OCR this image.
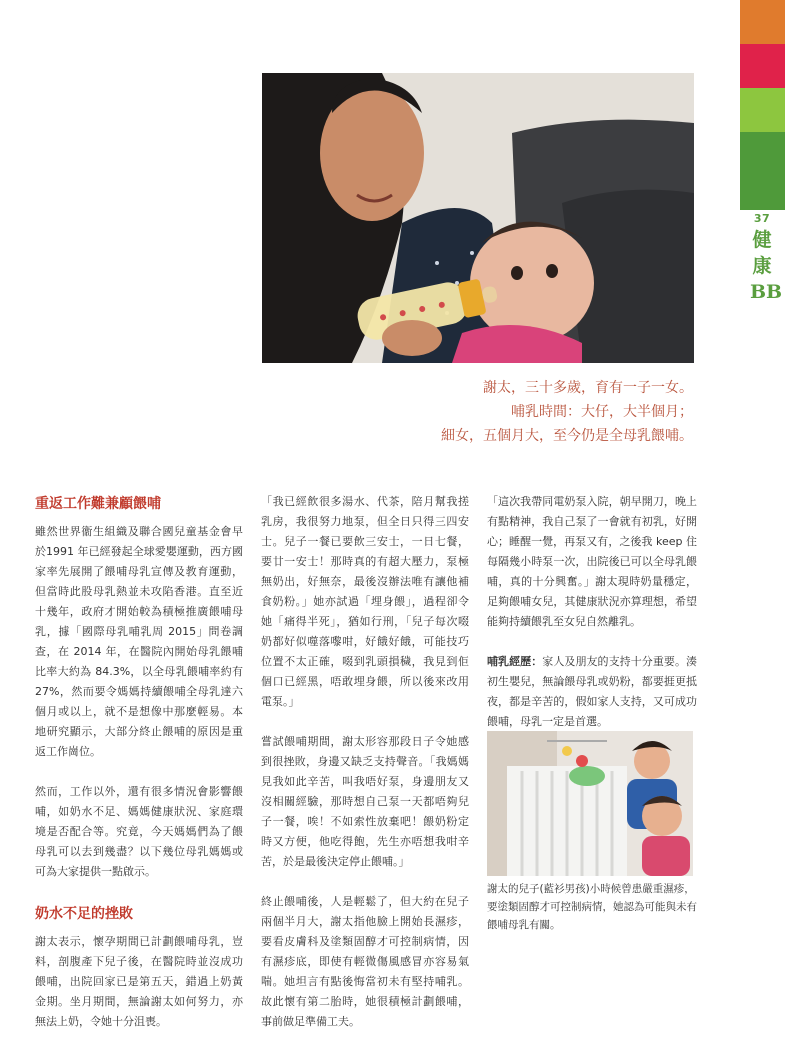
37
健康BB
謝太，三十多歲，育有一子一女。
哺乳時間：大仔，大半個月；
細女，五個月大，至今仍是全母乳餵哺。
重返工作難兼顧餵哺

雖然世界衞生組織及聯合國兒童基金會早於1991 年已經發起全球愛嬰運動，西方國家率先展開了餵哺母乳宣傳及教育運動，但當時此股母乳熱並未攻陷香港。直至近十幾年，政府才開始較為積極推廣餵哺母乳，據「國際母乳哺乳周 2015」問卷調查，在 2014 年，在醫院內開始母乳餵哺比率大約為 84.3%，以全母乳餵哺率約有 27%，然而要令媽媽持續餵哺全母乳達六個月或以上，就不是想像中那麼輕易。本地研究顯示，大部分終止餵哺的原因是重返工作崗位。

然而，工作以外，還有很多情況會影響餵哺，如奶水不足、媽媽健康狀況、家庭環境是否配合等。究竟，今天媽媽們為了餵母乳可以去到幾盡？以下幾位母乳媽媽或可為大家提供一點啟示。

奶水不足的挫敗

謝太表示，懷孕期間已計劃餵哺母乳，豈料，剖腹產下兒子後，在醫院時並沒成功餵哺，出院回家已是第五天，錯過上奶黃金期。坐月期間，無論謝太如何努力，亦無法上奶，令她十分沮喪。

「我已經飲很多湯水、代茶，陪月幫我搓乳房，我很努力地泵，但全日只得三四安士。兒子一餐已要飲三安士，一日七餐，要廿一安士！那時真的有超大壓力，泵極無奶出，好無奈，最後沒辦法唯有讓他補食奶粉。」她亦試過「埋身餵」，過程卻令她「痛得半死」，猶如行刑，「兒子每次啜奶都好似噬落嚟咁，好餓好餓，可能技巧位置不太正確，啜到乳頭損穢，我見到佢個口已經黑，唔敢埋身餵，所以後來改用電泵。」

嘗試餵哺期間，謝太形容那段日子令她感到很挫敗，身邊又缺乏支持聲音。「我媽媽見我如此辛苦，叫我唔好泵，身邊朋友又沒相關經驗，那時想自己泵一天都唔夠兒子一餐，唉！不如索性放棄吧！餵奶粉定時又方便，他吃得飽，先生亦唔想我咁辛苦，於是最後決定停止餵哺。」

終止餵哺後，人是輕鬆了，但大約在兒子兩個半月大，謝太指他臉上開始長濕疹，要看皮膚科及塗類固醇才可控制病情，因有濕疹底，即使有輕微傷風感冒亦容易氣喘。她坦言有點後悔當初未有堅持哺乳。故此懷有第二胎時，她很積極計劃餵哺，事前做足準備工夫。

「這次我帶同電奶泵入院，朝早開刀，晚上有點精神，我自己泵了一會就有初乳，好開心；睡醒一覺，再泵又有，之後我 keep 住每隔幾小時泵一次，出院後已可以全母乳餵哺，真的十分興奮。」謝太現時奶量穩定，足夠餵哺女兒，其健康狀況亦算理想，希望能夠持續餵乳至女兒自然離乳。

哺乳經歷：家人及朋友的支持十分重要。湊初生嬰兒，無論餵母乳或奶粉，都要捱更抵夜，都是辛苦的，假如家人支持，又可成功餵哺，母乳一定是首選。

謝太的兒子(藍衫男孩)小時候曾患嚴重濕疹，要塗類固醇才可控制病情，她認為可能與未有餵哺母乳有關。
